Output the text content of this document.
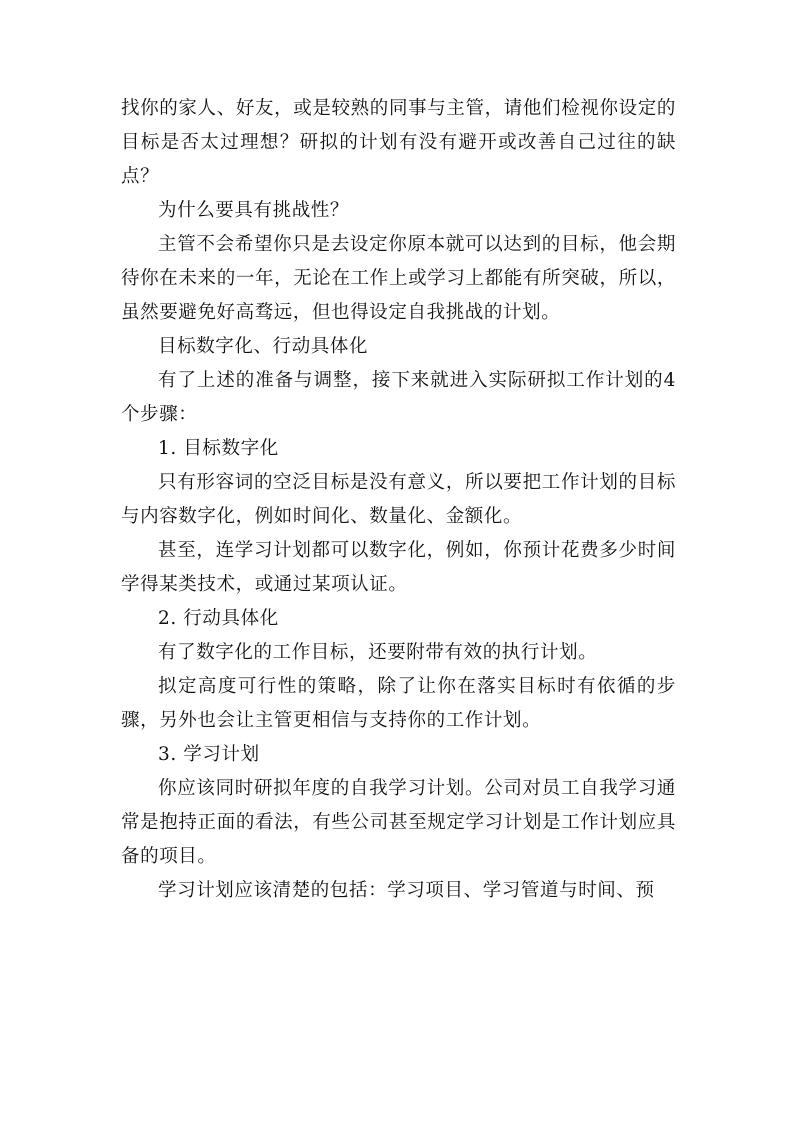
找你的家人、好友，或是较熟的同事与主管，请他们检视你设定的目标是否太过理想？研拟的计划有没有避开或改善自己过往的缺点？

为什么要具有挑战性？

主管不会希望你只是去设定你原本就可以达到的目标，他会期待你在未来的一年，无论在工作上或学习上都能有所突破，所以，虽然要避免好高骛远，但也得设定自我挑战的计划。

目标数字化、行动具体化

有了上述的准备与调整，接下来就进入实际研拟工作计划的4个步骤：

1. 目标数字化

只有形容词的空泛目标是没有意义，所以要把工作计划的目标与内容数字化，例如时间化、数量化、金额化。

甚至，连学习计划都可以数字化，例如，你预计花费多少时间学得某类技术，或通过某项认证。

2. 行动具体化

有了数字化的工作目标，还要附带有效的执行计划。

拟定高度可行性的策略，除了让你在落实目标时有依循的步骤，另外也会让主管更相信与支持你的工作计划。

3. 学习计划

你应该同时研拟年度的自我学习计划。公司对员工自我学习通常是抱持正面的看法，有些公司甚至规定学习计划是工作计划应具备的项目。

学习计划应该清楚的包括：学习项目、学习管道与时间、预
